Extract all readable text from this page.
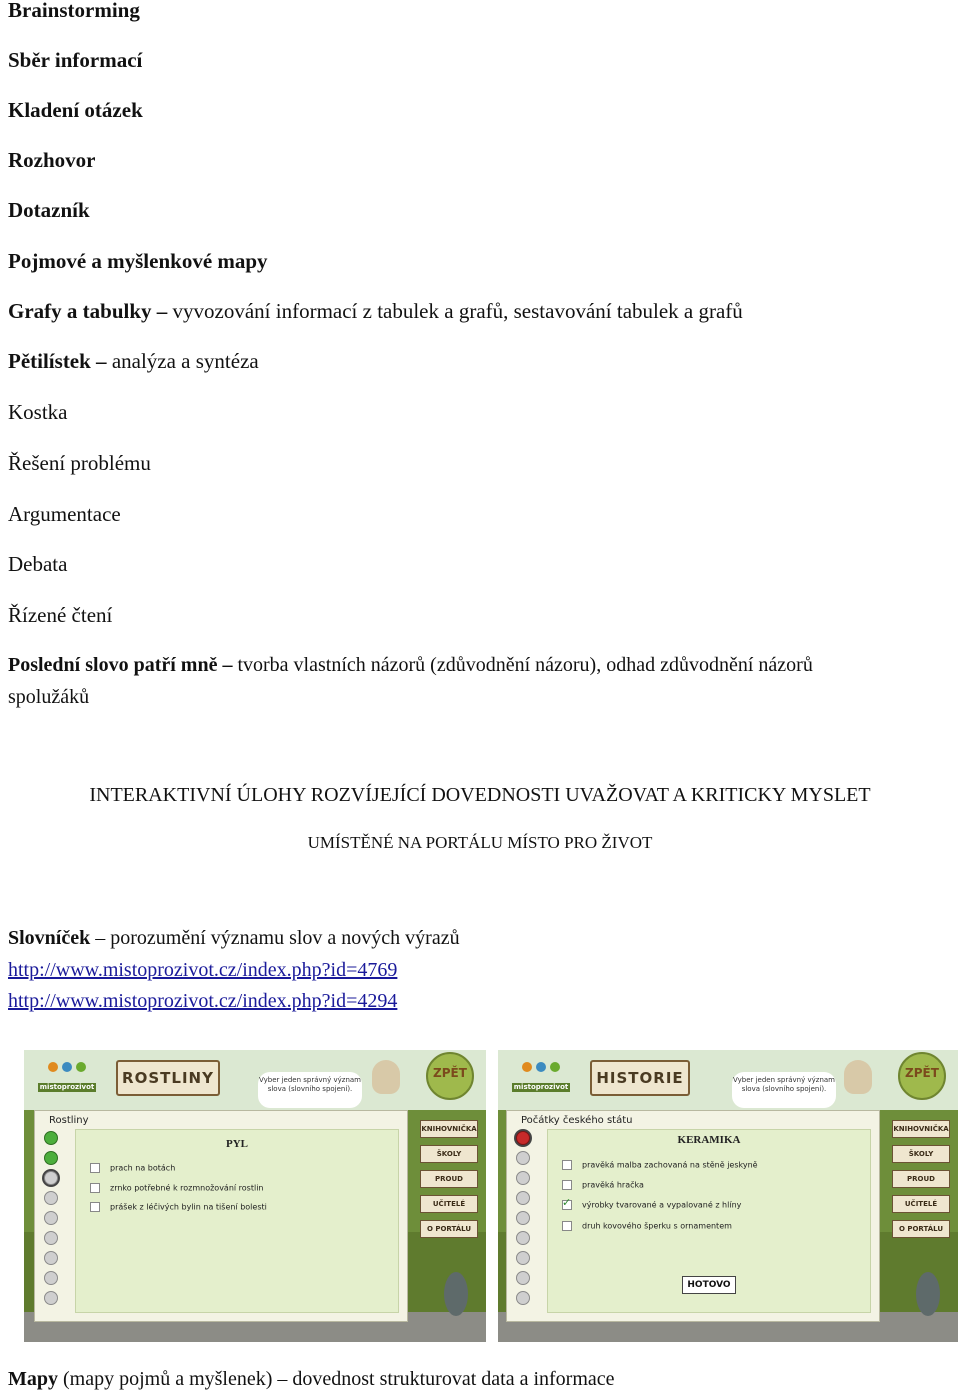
Brainstorming
Sběr informací
Kladení otázek
Rozhovor
Dotazník
Pojmové a myšlenkové mapy
Grafy a tabulky – vyvozování informací z tabulek a grafů, sestavování tabulek a grafů
Pětilístek – analýza a syntéza
Kostka
Řešení problému
Argumentace
Debata
Řízené čtení
Poslední slovo patří mně – tvorba vlastních názorů (zdůvodnění názoru), odhad zdůvodnění názorů
spolužáků
INTERAKTIVNÍ ÚLOHY ROZVÍJEJÍCÍ DOVEDNOSTI UVAŽOVAT A KRITICKY MYSLET
UMÍSTĚNÉ NA PORTÁLU MÍSTO PRO ŽIVOT
Slovníček – porozumění významu slov a nových výrazů
http://www.mistoprozivot.cz/index.php?id=4769
http://www.mistoprozivot.cz/index.php?id=4294
mistoprozivot	ROSTLINY	Vyber jeden správný význam slova (slovního spojení).
ZPĚT
Rostliny
PYL
prach na botách
zrnko potřebné k rozmnožování rostlin
prášek z léčivých bylin na tišení bolesti
KNIHOVNIČKA
ŠKOLY
PROUD
UČITELÉ
O PORTÁLU
mistoprozivot	HISTORIE	Vyber jeden správný význam slova (slovního spojení).
ZPĚT
Počátky českého státu
KERAMIKA
pravěká malba zachovaná na stěně jeskyně
pravěká hračka
✓výrobky tvarované a vypalované z hlíny
druh kovového šperku s ornamentem
HOTOVO
KNIHOVNIČKA
ŠKOLY
PROUD
UČITELÉ
O PORTÁLU
Mapy (mapy pojmů a myšlenek) – dovednost strukturovat data a informace
